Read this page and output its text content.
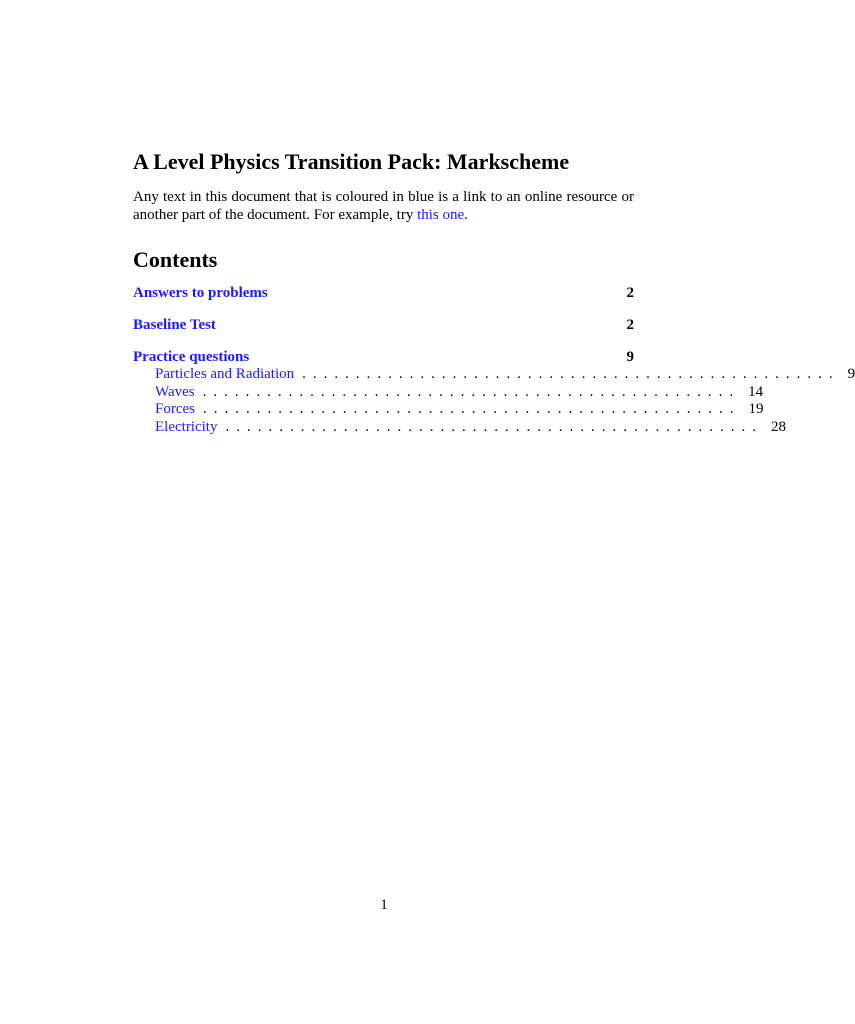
A Level Physics Transition Pack: Markscheme

Any text in this document that is coloured in blue is a link to an online resource or another part of the document. For example, try this one.

Contents
Answers to problems	2
Baseline Test	2
Practice questions	9
Particles and Radiation .................................................. 9
Waves .................................................. 14
Forces .................................................. 19
Electricity .................................................. 28
1
